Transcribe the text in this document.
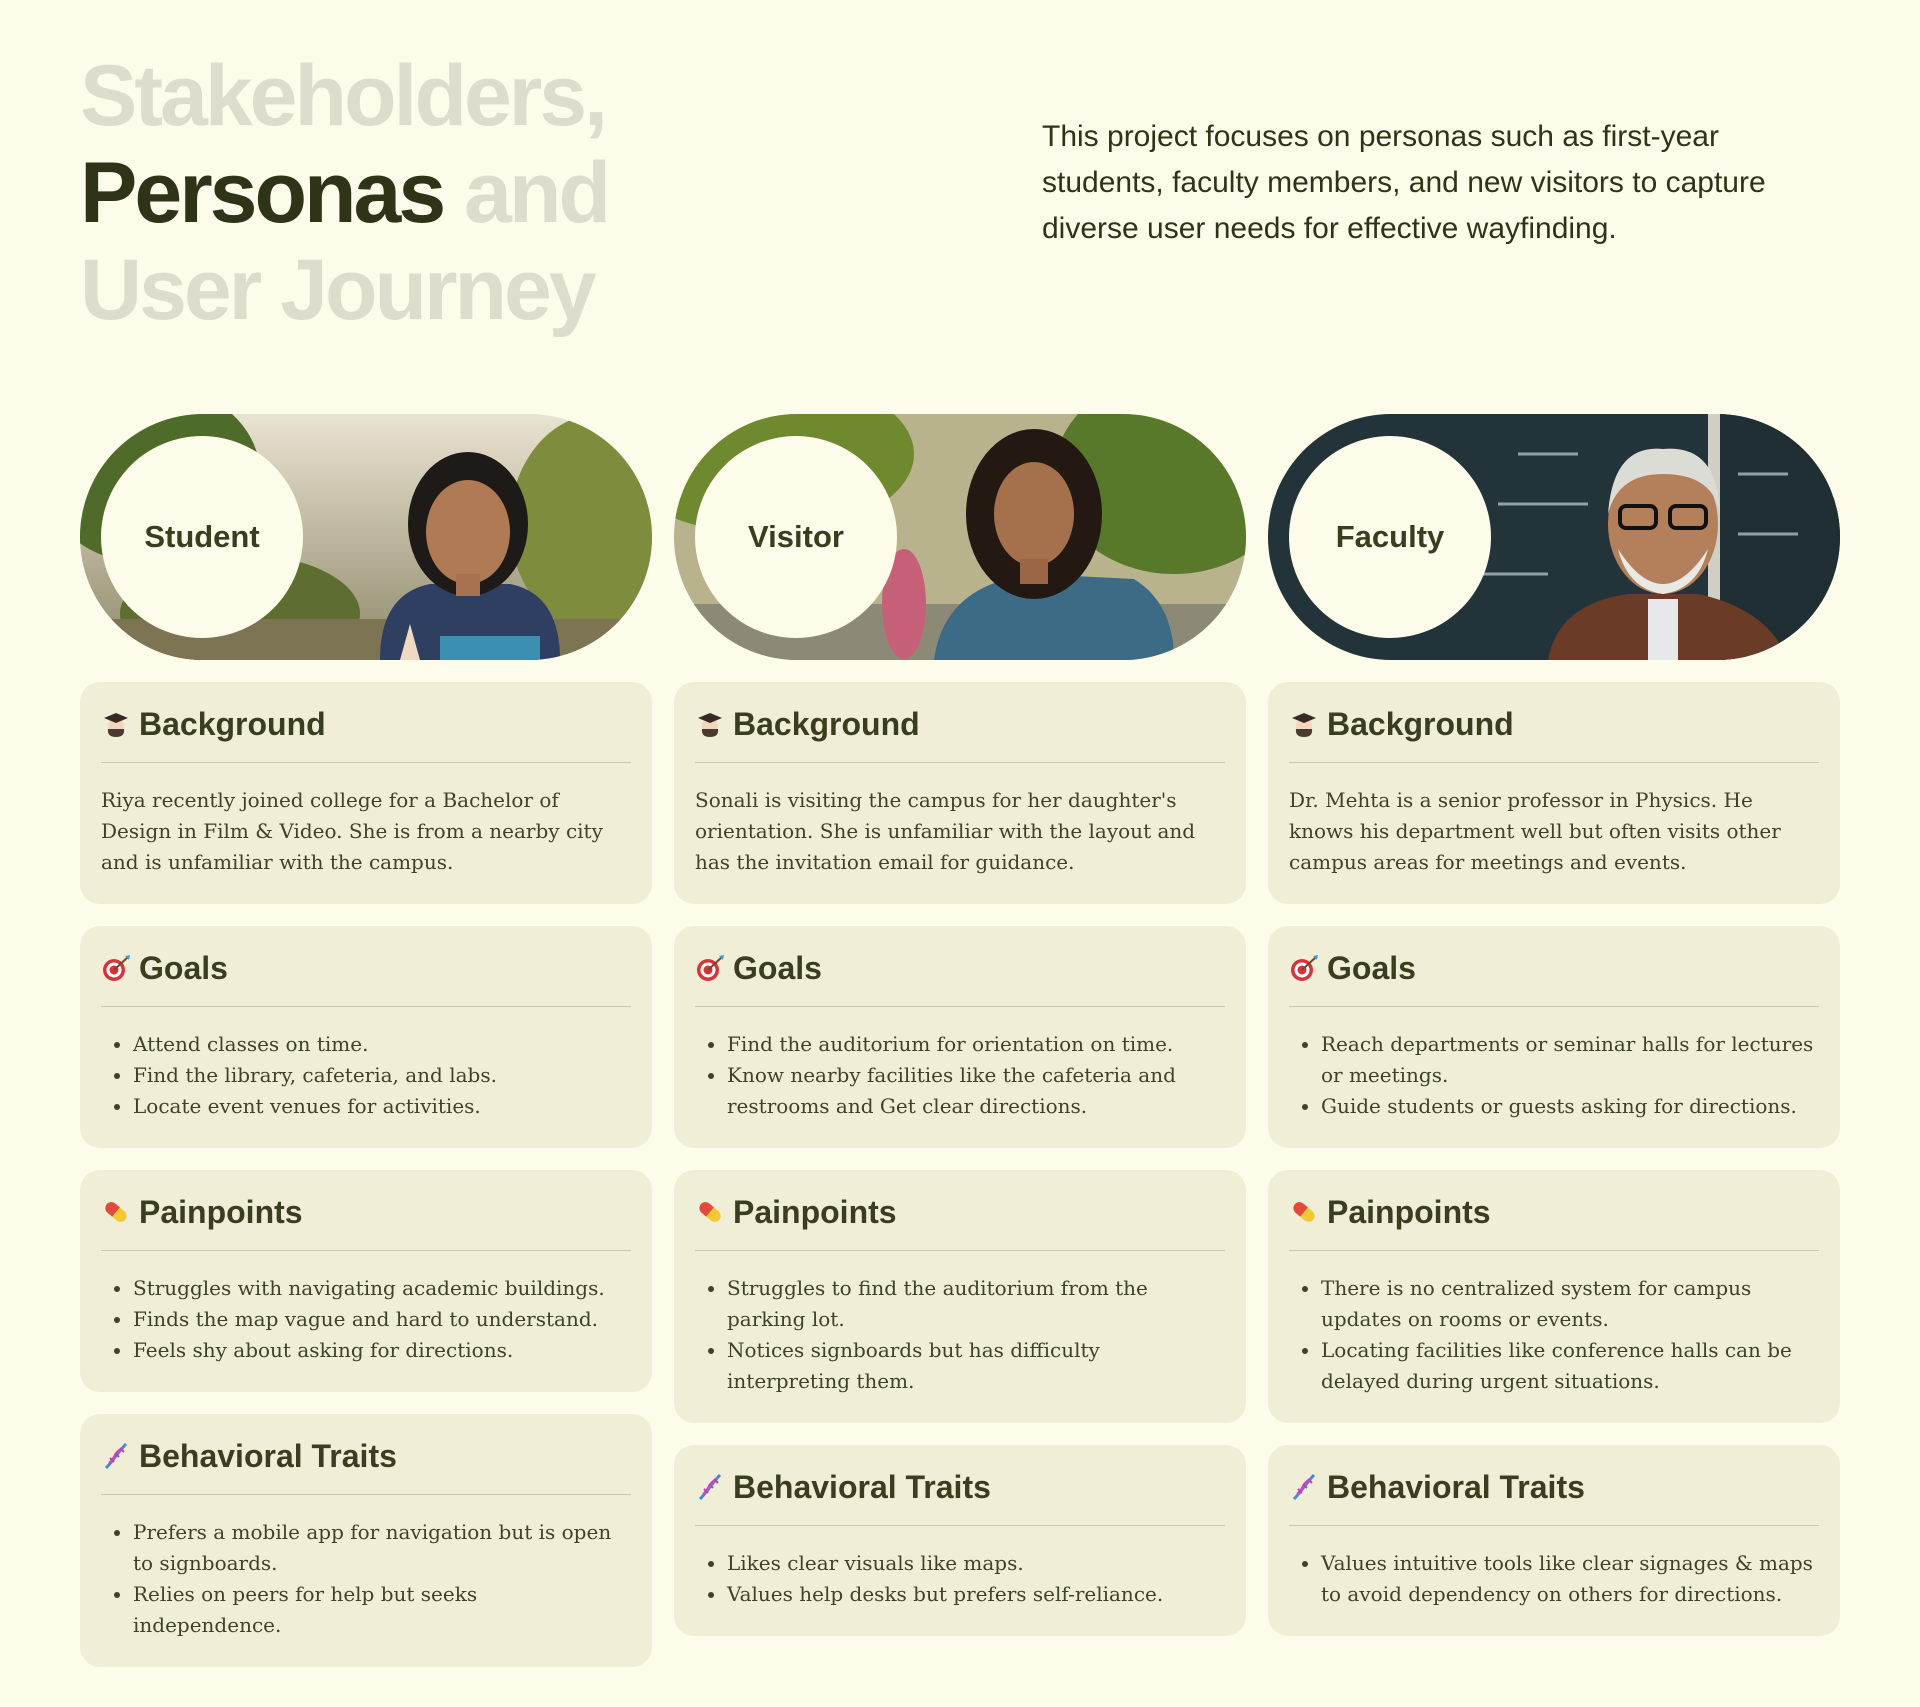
Stakeholders,
Personas and
User Journey

This project focuses on personas such as first-year students, faculty members, and new visitors to capture diverse user needs for effective wayfinding.

Student
Background

Riya recently joined college for a Bachelor of Design in Film & Video. She is from a nearby city and is unfamiliar with the campus.

Goals
• Attend classes on time.
• Find the library, cafeteria, and labs.
• Locate event venues for activities.
Painpoints
• Struggles with navigating academic buildings.
• Finds the map vague and hard to understand.
• Feels shy about asking for directions.
Behavioral Traits
• Prefers a mobile app for navigation but is open to signboards.
• Relies on peers for help but seeks independence.
Visitor
Background

Sonali is visiting the campus for her daughter's orientation. She is unfamiliar with the layout and has the invitation email for guidance.

Goals
• Find the auditorium for orientation on time.
• Know nearby facilities like the cafeteria and restrooms and Get clear directions.
Painpoints
• Struggles to find the auditorium from the parking lot.
• Notices signboards but has difficulty interpreting them.
Behavioral Traits
• Likes clear visuals like maps.
• Values help desks but prefers self-reliance.
Faculty
Background

Dr. Mehta is a senior professor in Physics. He knows his department well but often visits other campus areas for meetings and events.

Goals
• Reach departments or seminar halls for lectures or meetings.
• Guide students or guests asking for directions.
Painpoints
• There is no centralized system for campus updates on rooms or events.
• Locating facilities like conference halls can be delayed during urgent situations.
Behavioral Traits
• Values intuitive tools like clear signages & maps to avoid dependency on others for directions.
